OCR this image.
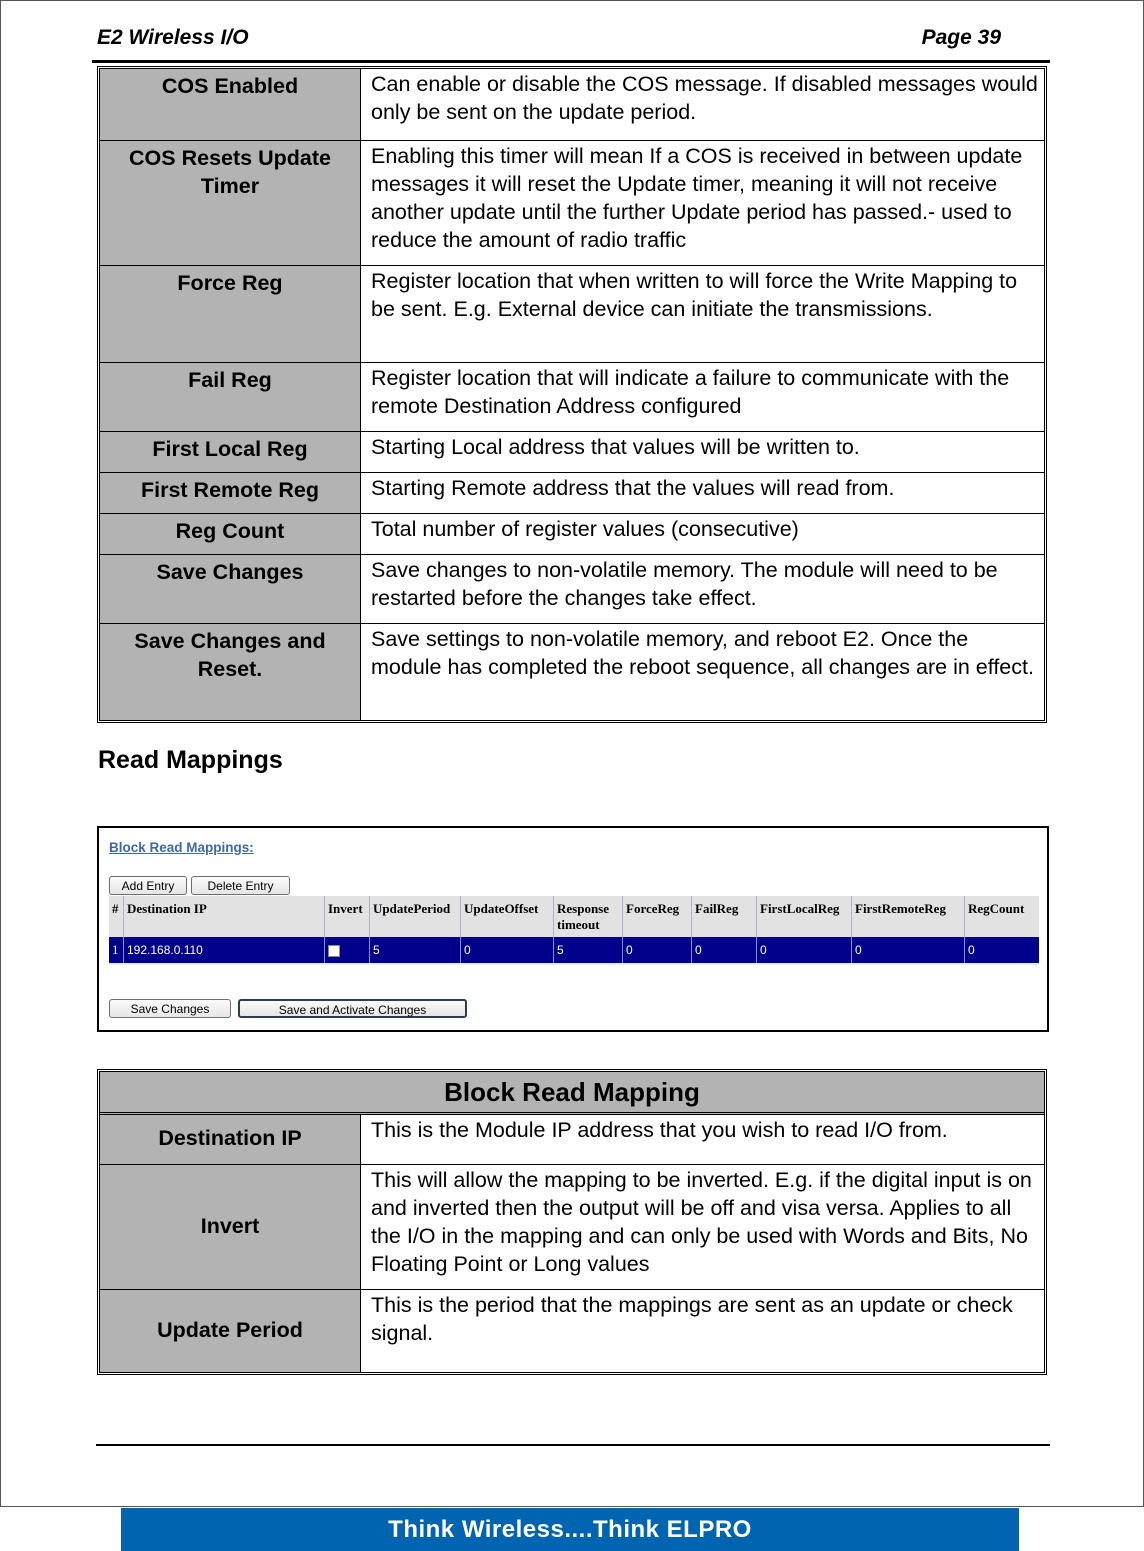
E2 Wireless I/O	Page 39
COS Enabled	Can enable or disable the COS message. If disabled messages would only be sent on the update period.
COS Resets Update Timer	Enabling this timer will mean If a COS is received in between update messages it will reset the Update timer, meaning it will not receive another update until the further Update period has passed.- used to reduce the amount of radio traffic
Force Reg	Register location that when written to will force the Write Mapping to be sent. E.g. External device can initiate the transmissions.
Fail Reg	Register location that will indicate a failure to communicate with the remote Destination Address configured
First Local Reg	Starting Local address that values will be written to.
First Remote Reg	Starting Remote address that the values will read from.
Reg Count	Total number of register values (consecutive)
Save Changes	Save changes to non-volatile memory. The module will need to be restarted before the changes take effect.
Save Changes and Reset.	Save settings to non-volatile memory, and reboot E2. Once the module has completed the reboot sequence, all changes are in effect.
Read Mappings
Block Read Mappings:
Add Entry	Delete Entry
#	Destination IP	Invert	UpdatePeriod	UpdateOffset	Response timeout	ForceReg	FailReg	FirstLocalReg	FirstRemoteReg	RegCount
1	192.168.0.110		5	0	5	0	0	0	0	0
Save Changes	Save and Activate Changes
Block Read Mapping	
Destination IP	This is the Module IP address that you wish to read I/O from.
Invert	This will allow the mapping to be inverted. E.g. if the digital input is on and inverted then the output will be off and visa versa. Applies to all the I/O in the mapping and can only be used with Words and Bits, No Floating Point or Long values
Update Period	This is the period that the mappings are sent as an update or check signal.
Think Wireless....Think ELPRO
